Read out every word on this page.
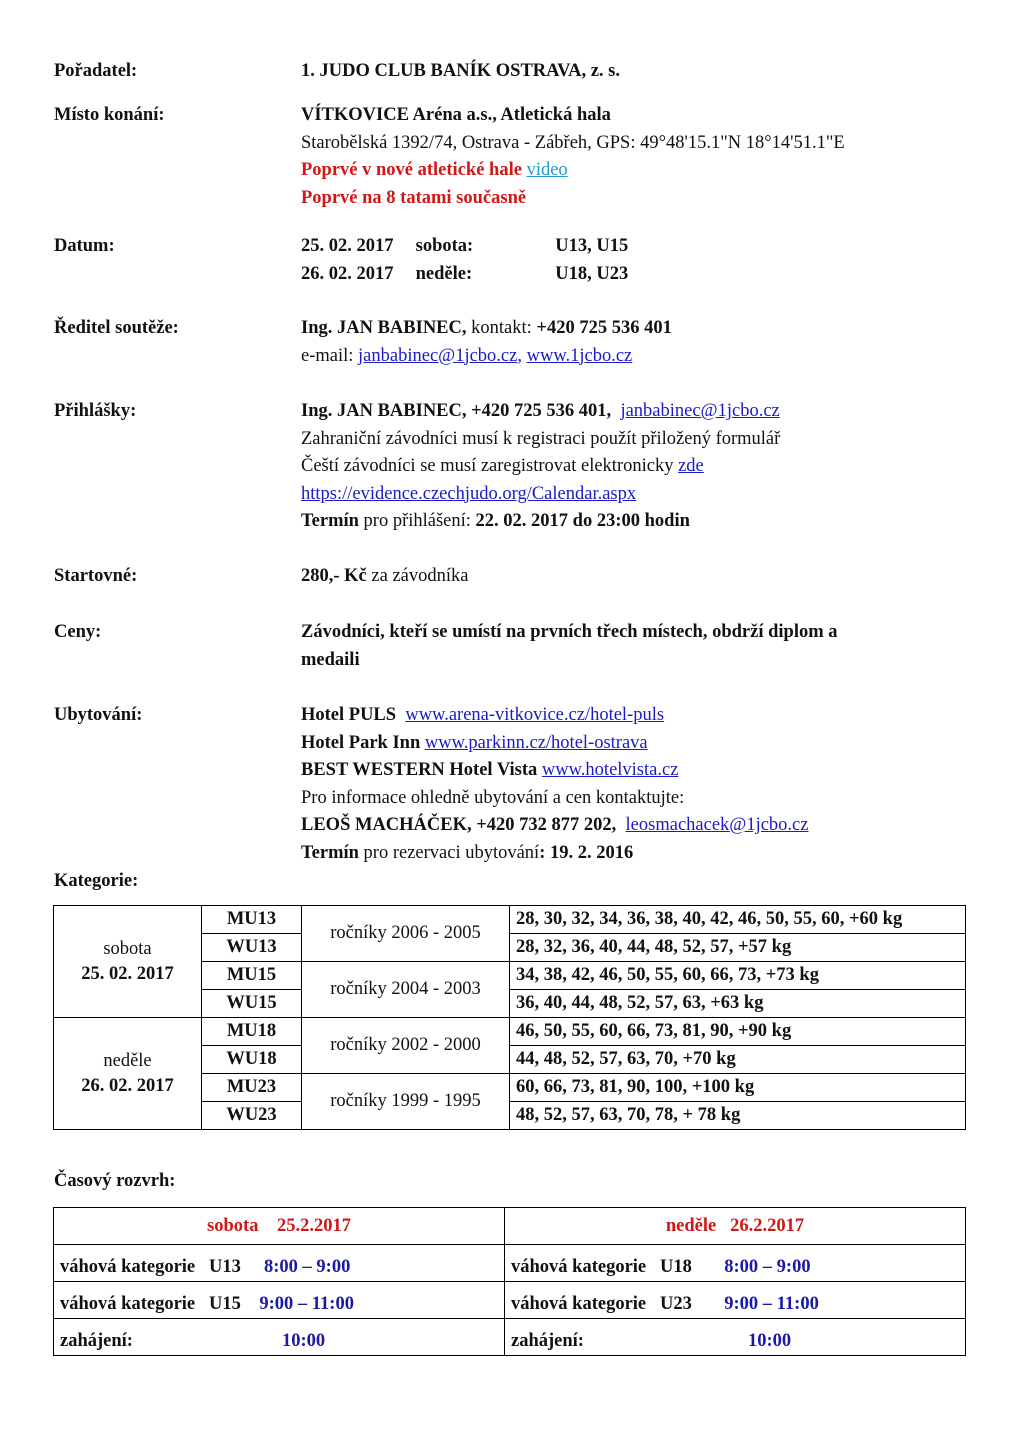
Pořadatel:	1. JUDO CLUB BANÍK OSTRAVA, z. s.
Místo konání:	VÍTKOVICE Aréna a.s., Atletická hala
Starobělská 1392/74, Ostrava - Zábřeh, GPS: 49°48'15.1"N 18°14'51.1"E
Poprvé v nové atletické hale video
Poprvé na 8 tatami současně
Datum:	25. 02. 2017 sobota:	U13, U15
26. 02. 2017 neděle:	U18, U23
Ředitel soutěže:	Ing. JAN BABINEC, kontakt: +420 725 536 401
e-mail: janbabinec@1jcbo.cz, www.1jcbo.cz
Přihlášky:	Ing. JAN BABINEC, +420 725 536 401, janbabinec@1jcbo.cz
Zahraniční závodníci musí k registraci použít přiložený formulář
Čeští závodníci se musí zaregistrovat elektronicky zde
https://evidence.czechjudo.org/Calendar.aspx
Termín pro přihlášení: 22. 02. 2017 do 23:00 hodin
Startovné:	280,- Kč za závodníka
Ceny:	Závodníci, kteří se umístí na prvních třech místech, obdrží diplom a
medaili
Ubytování:	Hotel PULS www.arena-vitkovice.cz/hotel-puls
Hotel Park Inn www.parkinn.cz/hotel-ostrava
BEST WESTERN Hotel Vista www.hotelvista.cz
Pro informace ohledně ubytování a cen kontaktujte:
LEOŠ MACHÁČEK, +420 732 877 202, leosmachacek@1jcbo.cz
Termín pro rezervaci ubytování: 19. 2. 2016
Kategorie:
sobota
25. 02. 2017	MU13	ročníky 2006 - 2005	28, 30, 32, 34, 36, 38, 40, 42, 46, 50, 55, 60, +60 kg
	WU13		28, 32, 36, 40, 44, 48, 52, 57, +57 kg
	MU15	ročníky 2004 - 2003	34, 38, 42, 46, 50, 55, 60, 66, 73, +73 kg
	WU15		36, 40, 44, 48, 52, 57, 63, +63 kg

neděle
26. 02. 2017	MU18	ročníky 2002 - 2000	46, 50, 55, 60, 66, 73, 81, 90, +90 kg
	WU18		44, 48, 52, 57, 63, 70, +70 kg
	MU23	ročníky 1999 - 1995	60, 66, 73, 81, 90, 100, +100 kg
	WU23		48, 52, 57, 63, 70, 78, + 78 kg
Časový rozvrh:
sobota 25.2.2017	neděle 26.2.2017
váhová kategorie U13 8:00 – 9:00	váhová kategorie U18 8:00 – 9:00
váhová kategorie U15 9:00 – 11:00	váhová kategorie U23 9:00 – 11:00
zahájení: 10:00	zahájení: 10:00
